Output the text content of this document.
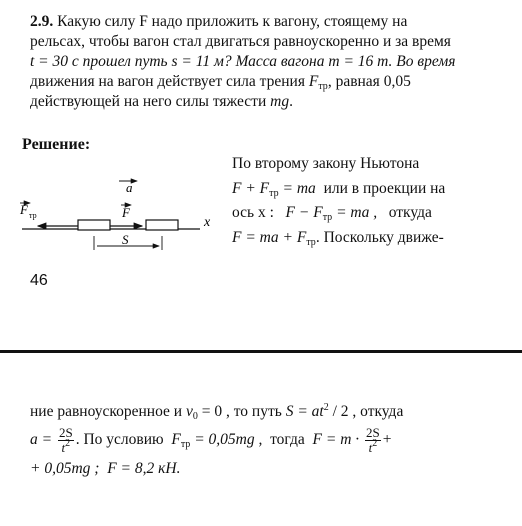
2.9. Какую силу F надо приложить к вагону, стоящему на
рельсах, чтобы вагон стал двигаться равноускоренно и за время
t = 30 с прошел путь s = 11 м? Масса вагона m = 16 т. Во время
движения на вагон действует сила трения $F_{тр}$, равная 0,05
действующей на него силы тяжести mg.
Решение:
x
F тр	F
a
S
По второму закону Ньютона
$F + F_{тр}$ = ma или в проекции на
ось x : $F - F_{тр}$ = ma , откуда
F = ma + $F_{тр}$. Поскольку движе-
46
ние равноускоренное и $v_0 = 0$ , то путь $S = at^2 / 2$ , откуда
$a = \frac{2S}{t^2}$ . По условию $F_{тр} = 0,05mg$ , тогда $F = m \cdot \frac{2S}{t^2}$ +
+ 0,05mg ; F = 8,2 кН.
